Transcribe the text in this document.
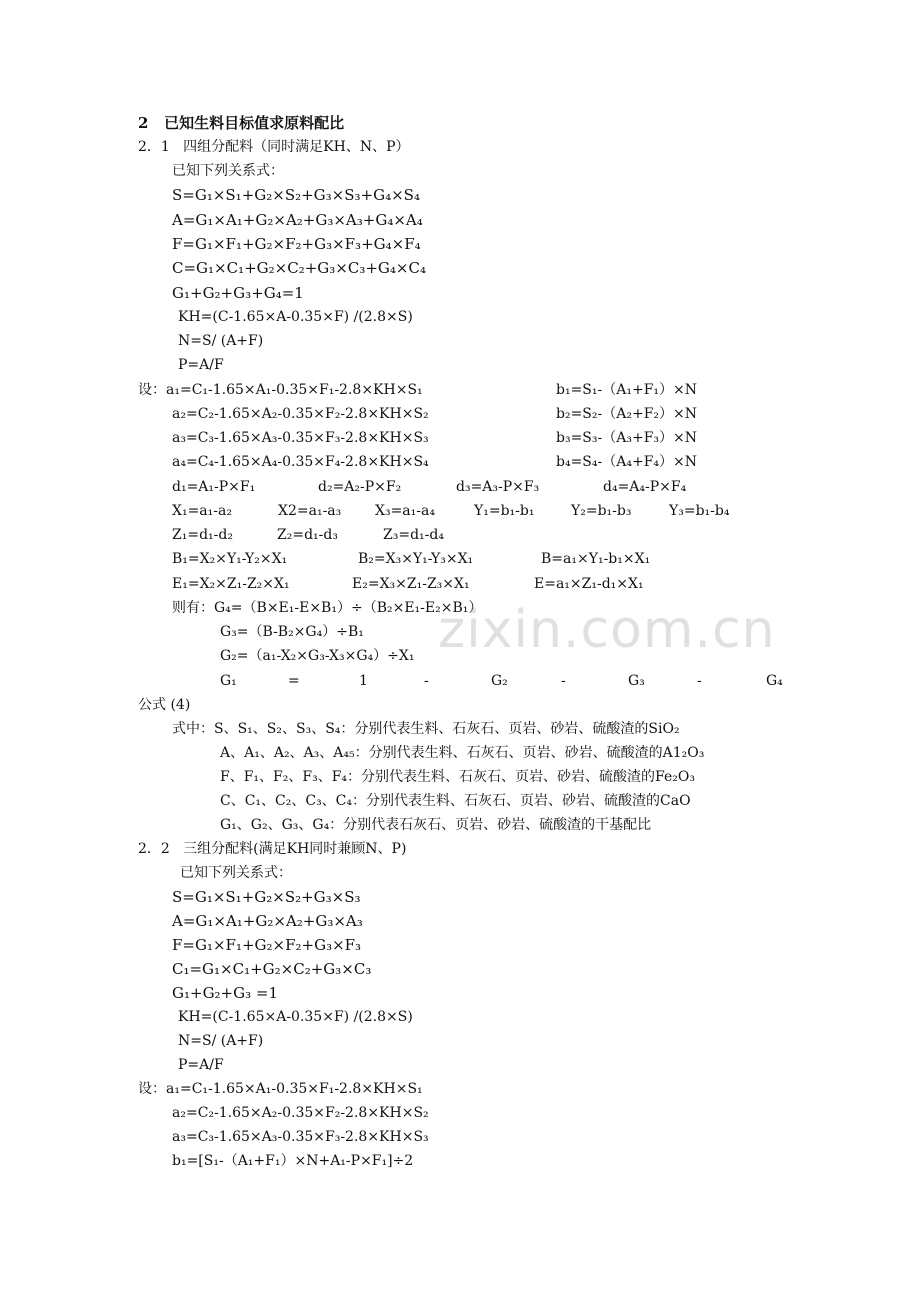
2   已知生料目标值求原料配比
2．1   四组分配料（同时满足KH、N、P）
已知下列关系式：
S=G₁×S₁+G₂×S₂+G₃×S₃+G₄×S₄
A=G₁×A₁+G₂×A₂+G₃×A₃+G₄×A₄
F=G₁×F₁+G₂×F₂+G₃×F₃+G₄×F₄
C=G₁×C₁+G₂×C₂+G₃×C₃+G₄×C₄
G₁+G₂+G₃+G₄=1
KH=(C-1.65×A-0.35×F) /(2.8×S)
N=S/ (A+F)
P=A/F
设：a₁=C₁-1.65×A₁-0.35×F₁-2.8×KH×S₁	b₁=S₁-（A₁+F₁）×N
a₂=C₂-1.65×A₂-0.35×F₂-2.8×KH×S₂	b₂=S₂-（A₂+F₂）×N
a₃=C₃-1.65×A₃-0.35×F₃-2.8×KH×S₃	b₃=S₃-（A₃+F₃）×N
a₄=C₄-1.65×A₄-0.35×F₄-2.8×KH×S₄	b₄=S₄-（A₄+F₄）×N
d₁=A₁-P×F₁	d₂=A₂-P×F₂	d₃=A₃-P×F₃	d₄=A₄-P×F₄
X₁=a₁-a₂	X2=a₁-a₃ X₃=a₁-a₄	Y₁=b₁-b₁	Y₂=b₁-b₃	Y₃=b₁-b₄
Z₁=d₁-d₂	Z₂=d₁-d₃	Z₃=d₁-d₄
B₁=X₂×Y₁-Y₂×X₁	B₂=X₃×Y₁-Y₃×X₁	B=a₁×Y₁-b₁×X₁
E₁=X₂×Z₁-Z₂×X₁	E₂=X₃×Z₁-Z₃×X₁	E=a₁×Z₁-d₁×X₁
则有：G₄=（B×E₁-E×B₁）÷（B₂×E₁-E₂×B₁）
G₃=（B-B₂×G₄）÷B₁
G₂=（a₁-X₂×G₃-X₃×G₄）÷X₁
G₁	=	1	-	G₂	-	G₃	-	G₄
公式 (4)
式中：S、S₁、S₂、S₃、S₄：分别代表生料、石灰石、页岩、砂岩、硫酸渣的SiO₂
A、A₁、A₂、A₃、A₄₅：分别代表生料、石灰石、页岩、砂岩、硫酸渣的A1₂O₃
F、F₁、F₂、F₃、F₄：分别代表生料、石灰石、页岩、砂岩、硫酸渣的Fe₂O₃
C、C₁、C₂、C₃、C₄：分别代表生料、石灰石、页岩、砂岩、硫酸渣的CaO
G₁、G₂、G₃、G₄：分别代表石灰石、页岩、砂岩、硫酸渣的干基配比
2．2   三组分配料(满足KH同时兼顾N、P)
已知下列关系式：
S=G₁×S₁+G₂×S₂+G₃×S₃
A=G₁×A₁+G₂×A₂+G₃×A₃
F=G₁×F₁+G₂×F₂+G₃×F₃
C₁=G₁×C₁+G₂×C₂+G₃×C₃
G₁+G₂+G₃ =1
KH=(C-1.65×A-0.35×F) /(2.8×S)
N=S/ (A+F)
P=A/F
设：a₁=C₁-1.65×A₁-0.35×F₁-2.8×KH×S₁
a₂=C₂-1.65×A₂-0.35×F₂-2.8×KH×S₂
a₃=C₃-1.65×A₃-0.35×F₃-2.8×KH×S₃
b₁=[S₁-（A₁+F₁）×N+A₁-P×F₁]÷2
zixin.com.cn
